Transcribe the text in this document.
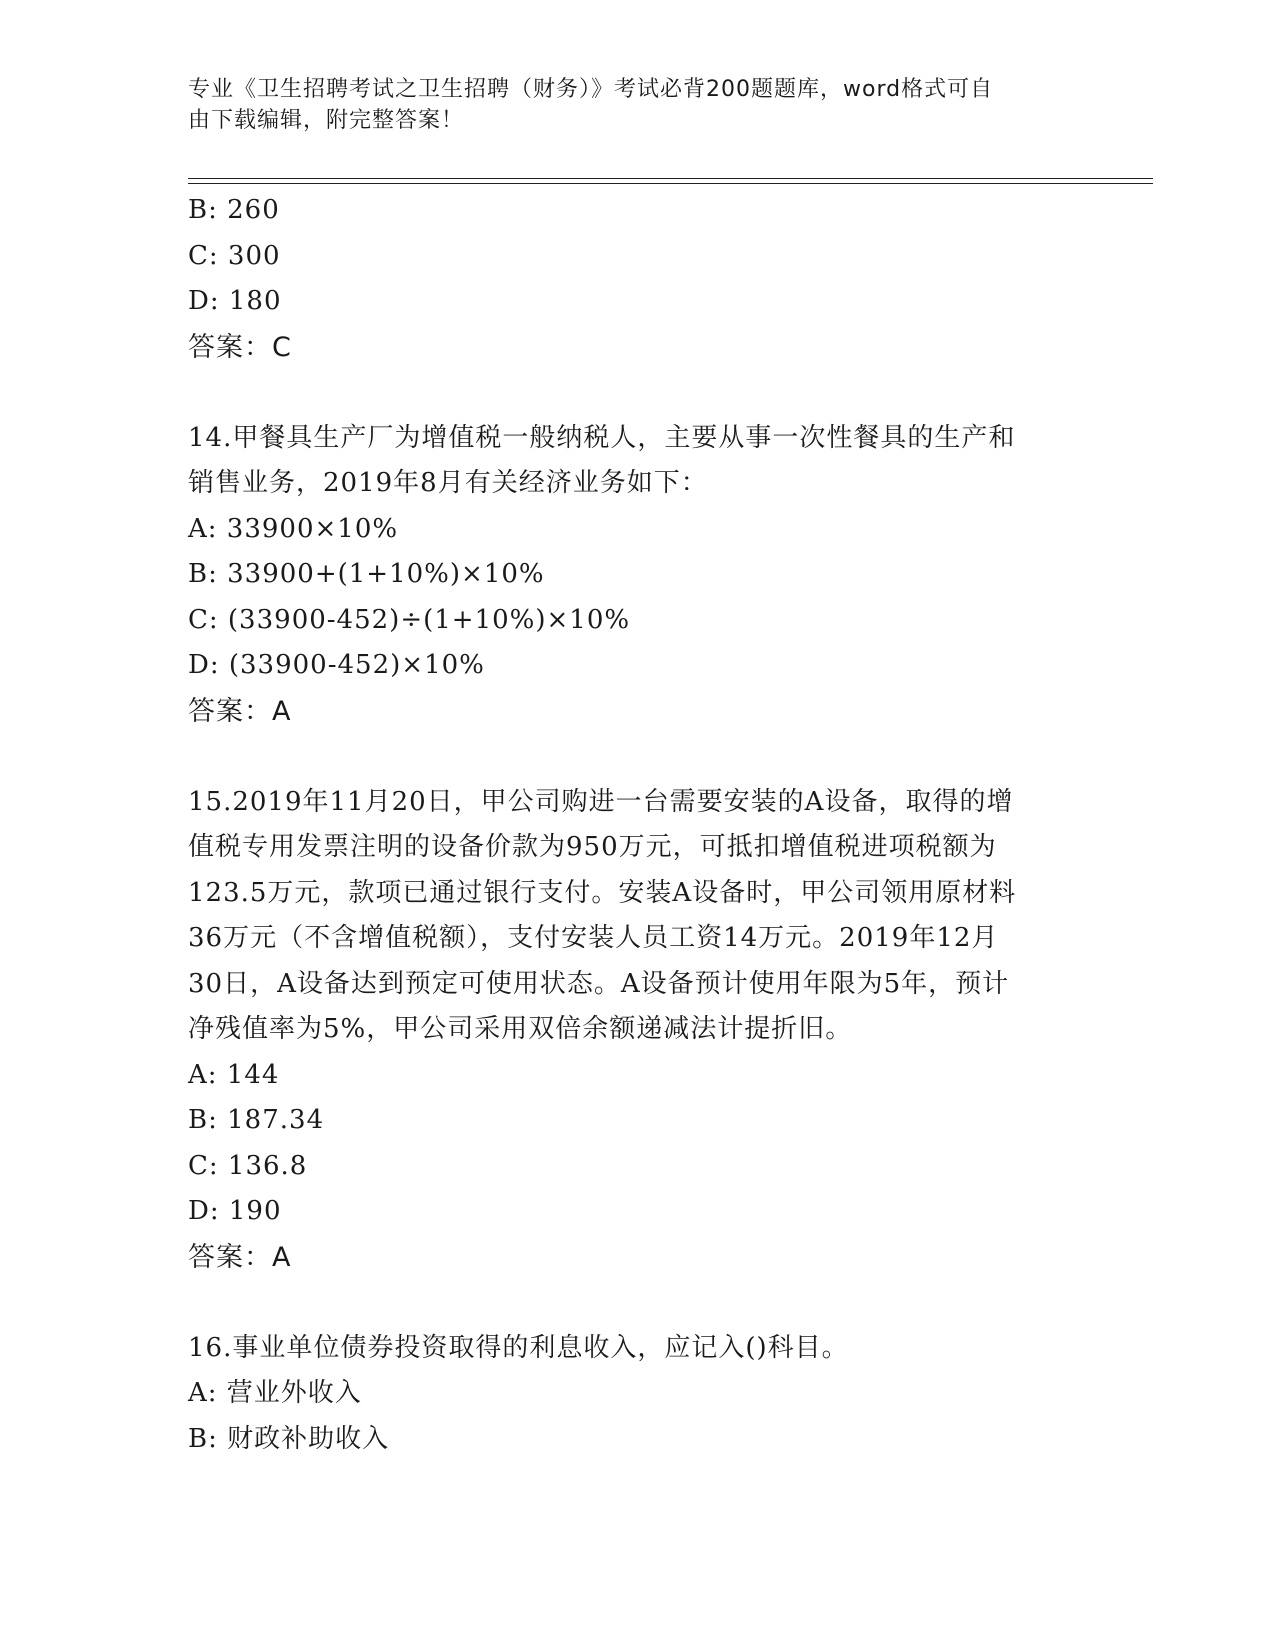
专业《卫生招聘考试之卫生招聘（财务）》考试必背200题题库，word格式可自
由下载编辑，附完整答案！
B: 260
C: 300
D: 180
答案：C
14.甲餐具生产厂为增值税一般纳税人，主要从事一次性餐具的生产和
销售业务，2019年8月有关经济业务如下：
A: 33900×10%
B: 33900+(1+10%)×10%
C: (33900-452)÷(1+10%)×10%
D: (33900-452)×10%
答案：A
15.2019年11月20日，甲公司购进一台需要安装的A设备，取得的增
值税专用发票注明的设备价款为950万元，可抵扣增值税进项税额为
123.5万元，款项已通过银行支付。安装A设备时，甲公司领用原材料
36万元（不含增值税额），支付安装人员工资14万元。2019年12月
30日，A设备达到预定可使用状态。A设备预计使用年限为5年，预计
净残值率为5%，甲公司采用双倍余额递减法计提折旧。
A: 144
B: 187.34
C: 136.8
D: 190
答案：A
16.事业单位债券投资取得的利息收入，应记入()科目。
A: 营业外收入
B: 财政补助收入
